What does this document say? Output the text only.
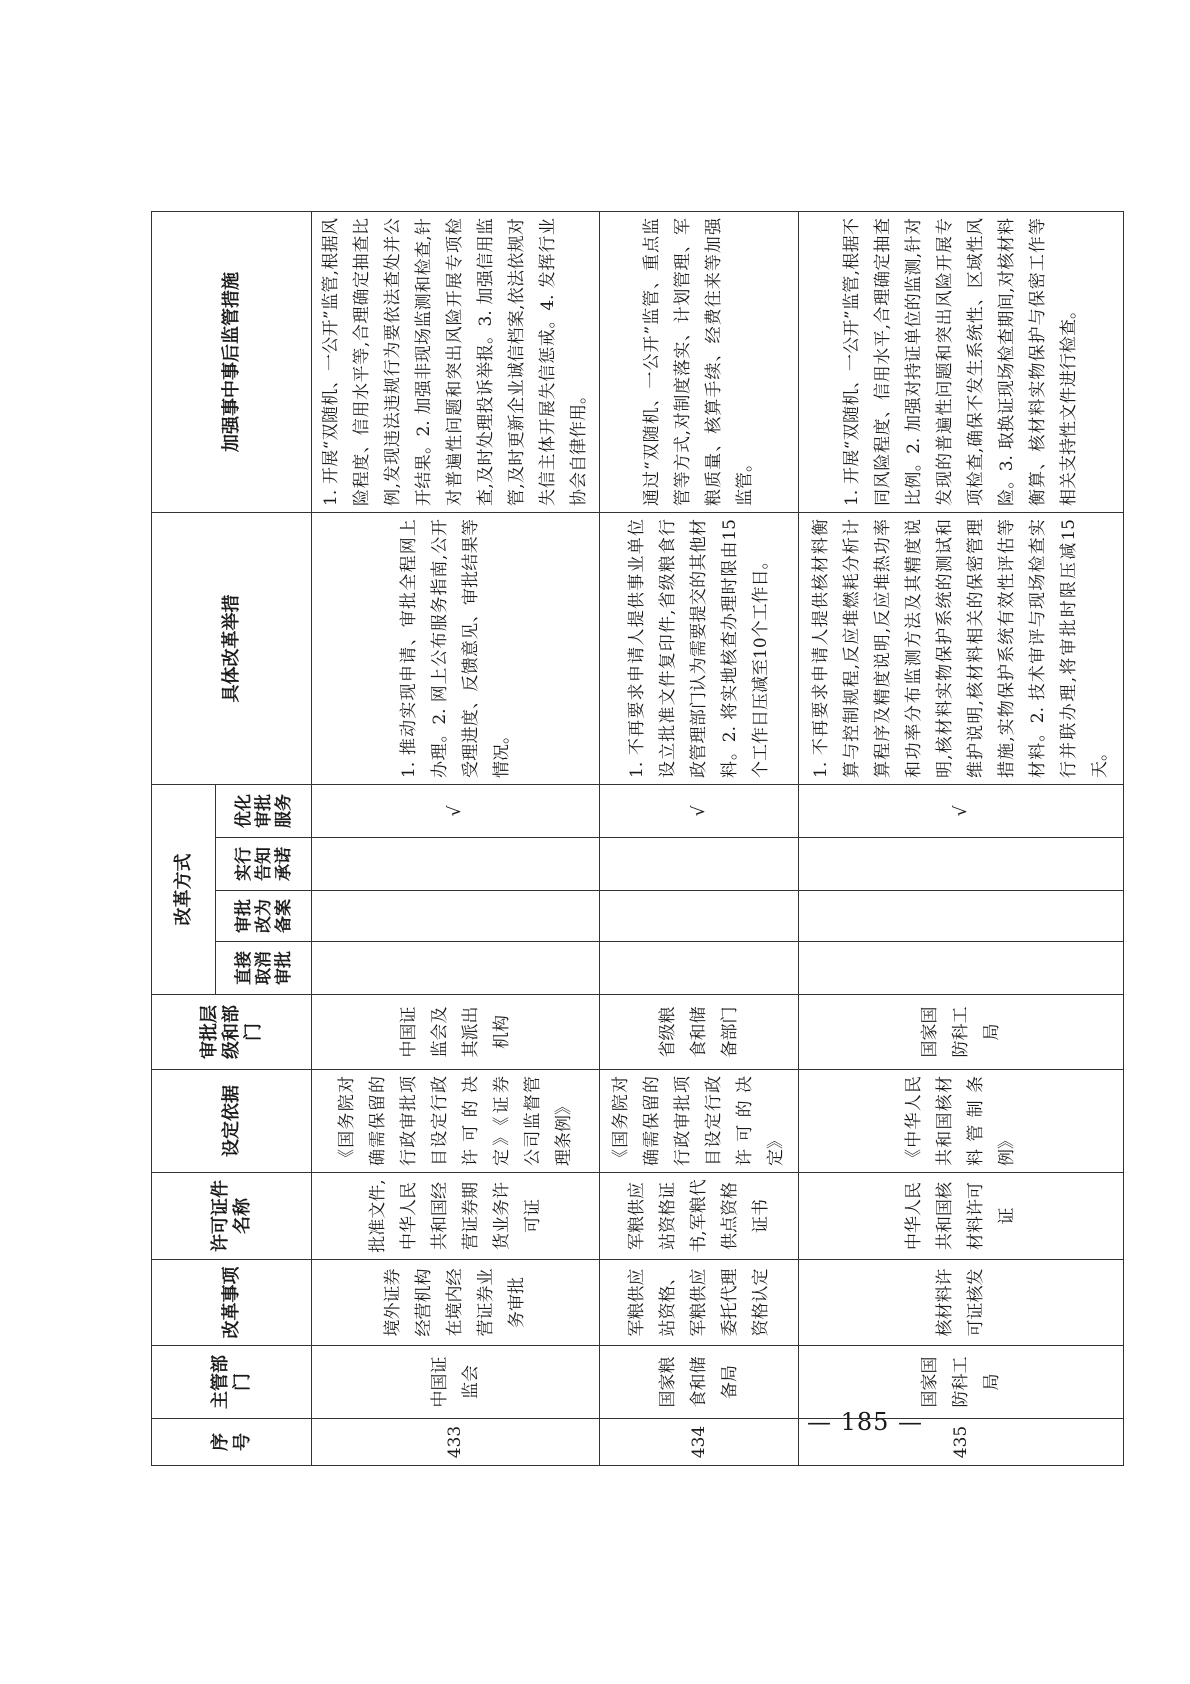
序号	主管部门	改革事项	许可证件名称	设定依据	审批层级和部门	改革方式				具体改革举措	加强事中事后监管措施
						直接取消审批	审批改为备案	实行告知承诺	优化审批服务		
433	中国证监会	境外证券经营机构在境内经营证券业务审批	批准文件,中华人民共和国经营证券期货业务许可证	《国务院对确需保留的行政审批项目设定行政许可的决定》《证券公司监督管理条例》	中国证监会及其派出机构				√	1. 推动实现申请、审批全程网上办理。2. 网上公布服务指南,公开受理进度、反馈意见、审批结果等情况。	1. 开展“双随机、一公开”监管,根据风险程度、信用水平等,合理确定抽查比例,发现违法违规行为要依法查处并公开结果。2. 加强非现场监测和检查,针对普遍性问题和突出风险开展专项检查,及时处理投诉举报。3. 加强信用监管,及时更新企业诚信档案,依法依规对失信主体开展失信惩戒。4. 发挥行业协会自律作用。
434	国家粮食和储备局	军粮供应站资格、军粮供应委托代理资格认定	军粮供应站资格证书,军粮代供点资格证书	《国务院对确需保留的行政审批项目设定行政许可的决定》	省级粮食和储备部门				√	1. 不再要求申请人提供事业单位设立批准文件复印件,省级粮食行政管理部门认为需要提交的其他材料。2. 将实地核查办理时限由15个工作日压减至10个工作日。	通过“双随机、一公开”监管、重点监管等方式,对制度落实、计划管理、军粮质量、核算手续、经费往来等加强监管。
435	国家国防科工局	核材料许可证核发	中华人民共和国核材料许可证	《中华人民共和国核材料管制条例》	国家国防科工局				√	1. 不再要求申请人提供核材料衡算与控制规程,反应堆燃耗分析计算程序及精度说明,反应堆热功率和功率分布监测方法及其精度说明,核材料实物保护系统的测试和维护说明,核材料相关的保密管理措施,实物保护系统有效性评估等材料。2. 技术审评与现场检查实行并联办理,将审批时限压减15天。	1. 开展“双随机、一公开”监管,根据不同风险程度、信用水平,合理确定抽查比例。2. 加强对持证单位的监测,针对发现的普遍性问题和突出风险开展专项检查,确保不发生系统性、区域性风险。3. 取换证现场检查期间,对核材料衡算、核材料实物保护与保密工作等相关支持性文件进行检查。
— 185 —
